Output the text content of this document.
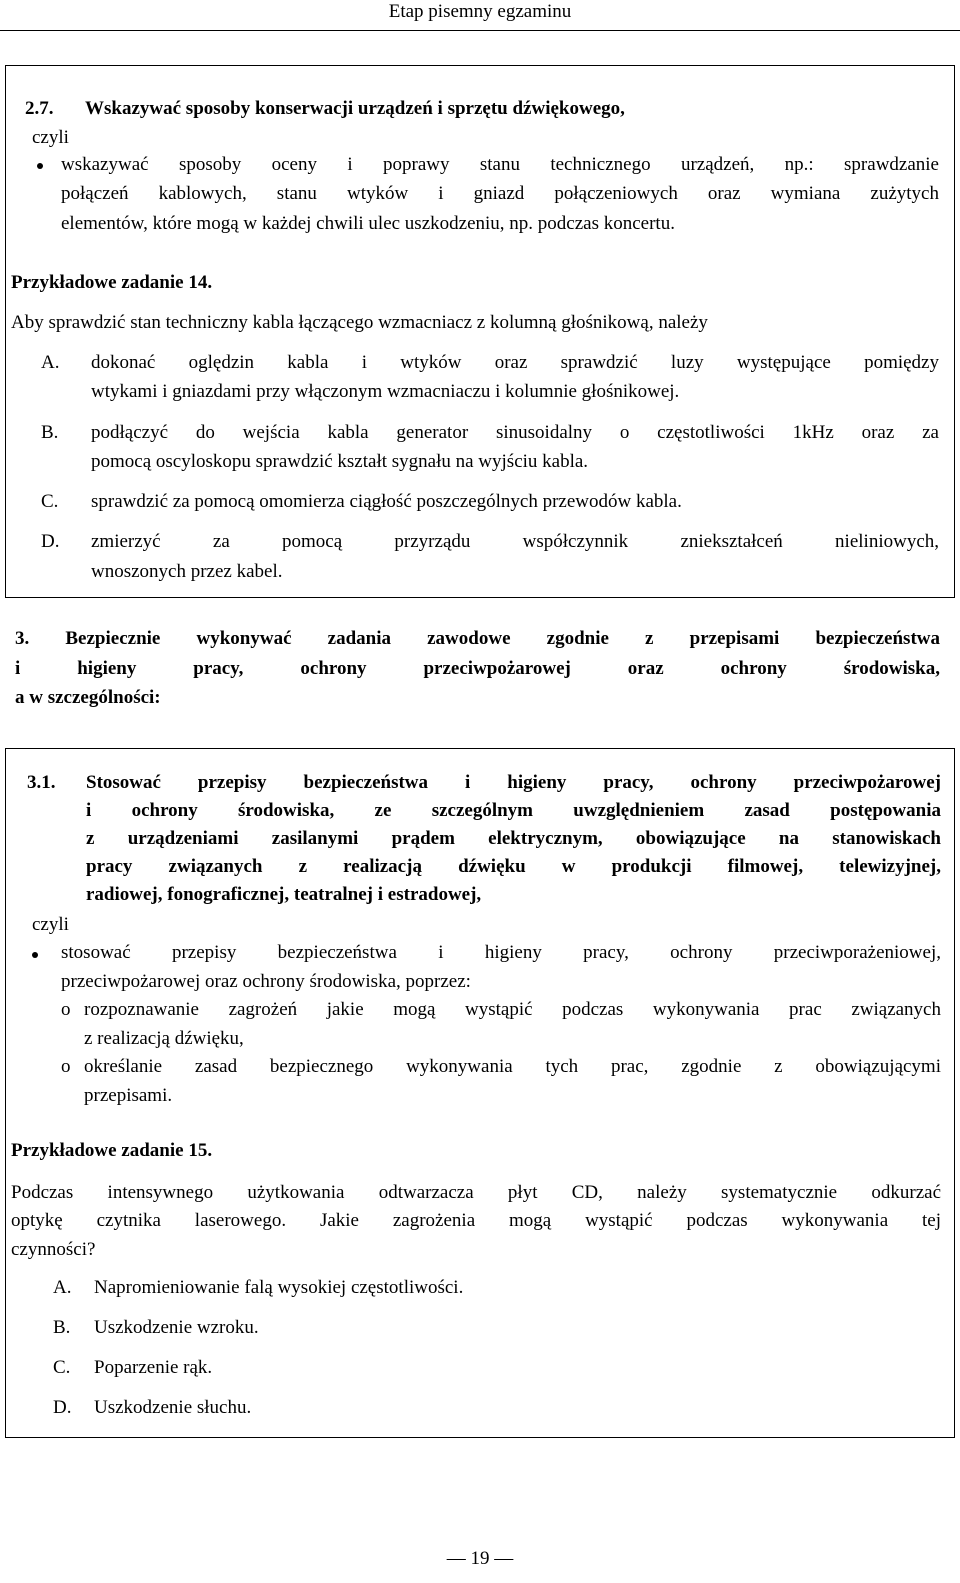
Etap pisemny egzaminu
2.7. Wskazywać sposoby konserwacji urządzeń i sprzętu dźwiękowego,
czyli
wskazywać sposoby oceny i poprawy stanu technicznego urządzeń, np.: sprawdzanie
połączeń kablowych, stanu wtyków i gniazd połączeniowych oraz wymiana zużytych
elementów, które mogą w każdej chwili ulec uszkodzeniu, np. podczas koncertu.
Przykładowe zadanie 14.
Aby sprawdzić stan techniczny kabla łączącego wzmacniacz z kolumną głośnikową, należy
A. dokonać oględzin kabla i wtyków oraz sprawdzić luzy występujące pomiędzy
wtykami i gniazdami przy włączonym wzmacniaczu i kolumnie głośnikowej.
B. podłączyć do wejścia kabla generator sinusoidalny o częstotliwości 1kHz oraz za
pomocą oscyloskopu sprawdzić kształt sygnału na wyjściu kabla.
C. sprawdzić za pomocą omomierza ciągłość poszczególnych przewodów kabla.
D. zmierzyć za pomocą przyrządu współczynnik zniekształceń nieliniowych,
wnoszonych przez kabel.
3. Bezpiecznie wykonywać zadania zawodowe zgodnie z przepisami bezpieczeństwa
i higieny pracy, ochrony przeciwpożarowej oraz ochrony środowiska,
a w szczególności:
3.1. Stosować przepisy bezpieczeństwa i higieny pracy, ochrony przeciwpożarowej
i ochrony środowiska, ze szczególnym uwzględnieniem zasad postępowania
z urządzeniami zasilanymi prądem elektrycznym, obowiązujące na stanowiskach
pracy związanych z realizacją dźwięku w produkcji filmowej, telewizyjnej,
radiowej, fonograficznej, teatralnej i estradowej,
czyli
stosować przepisy bezpieczeństwa i higieny pracy, ochrony przeciwporażeniowej,
przeciwpożarowej oraz ochrony środowiska, poprzez:
o rozpoznawanie zagrożeń jakie mogą wystąpić podczas wykonywania prac związanych
z realizacją dźwięku,
o określanie zasad bezpiecznego wykonywania tych prac, zgodnie z obowiązującymi
przepisami.
Przykładowe zadanie 15.
Podczas intensywnego użytkowania odtwarzacza płyt CD, należy systematycznie odkurzać
optykę czytnika laserowego. Jakie zagrożenia mogą wystąpić podczas wykonywania tej
czynności?
A. Napromieniowanie falą wysokiej częstotliwości.
B. Uszkodzenie wzroku.
C. Poparzenie rąk.
D. Uszkodzenie słuchu.
— 19 —
